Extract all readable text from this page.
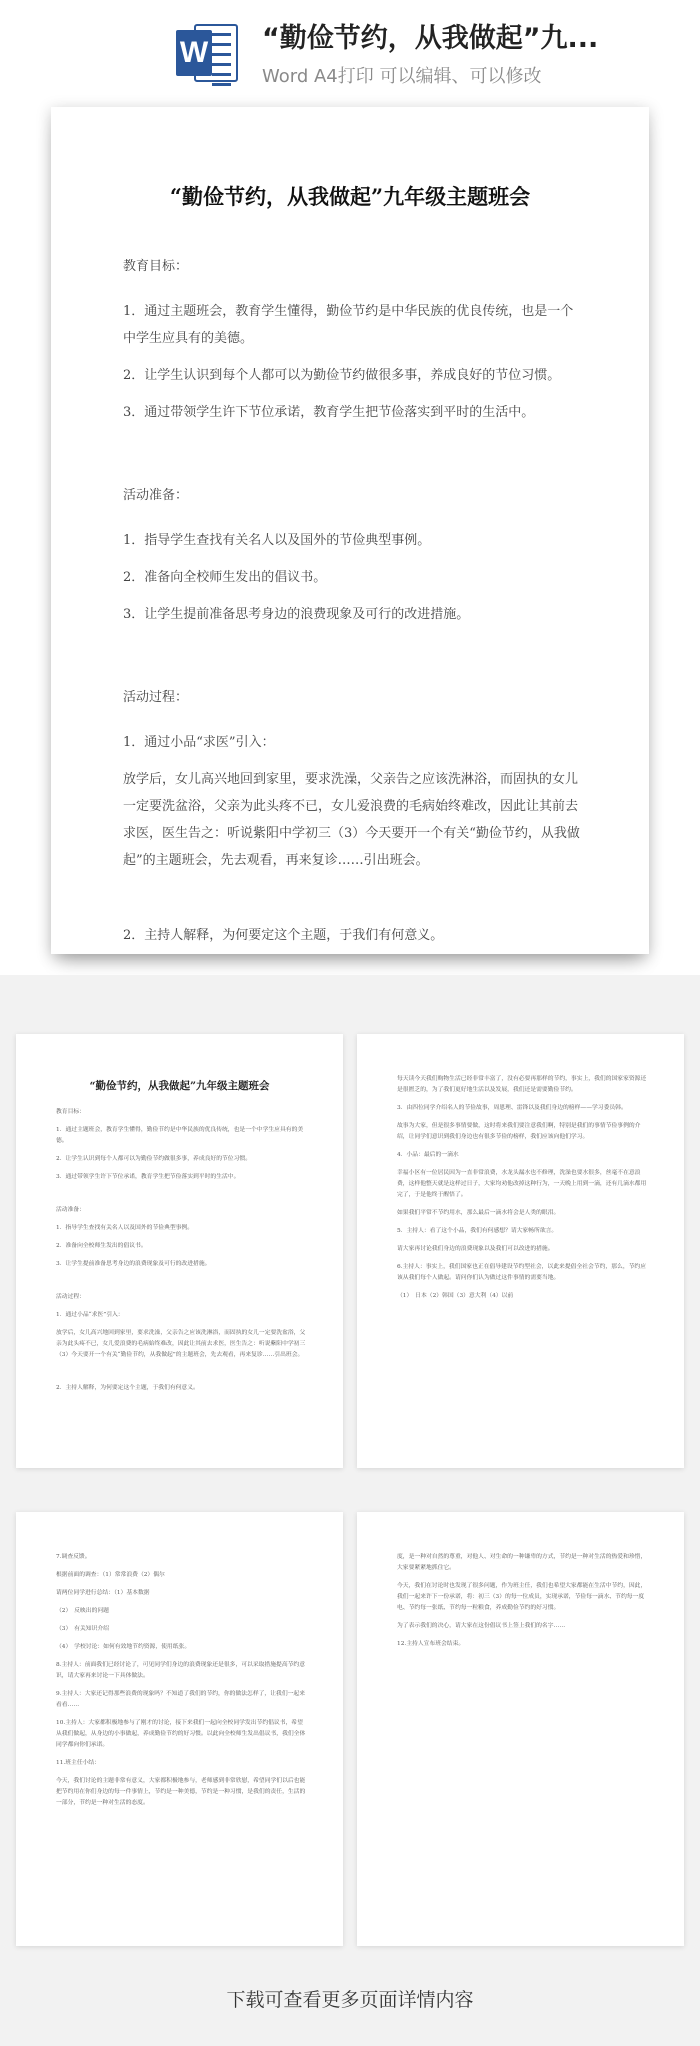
W “勤俭节约，从我做起”九...
Word A4打印 可以编辑、可以修改
“勤俭节约，从我做起”九年级主题班会

教育目标：

1．通过主题班会，教育学生懂得，勤俭节约是中华民族的优良传统，也是一个中学生应具有的美德。

2．让学生认识到每个人都可以为勤俭节约做很多事，养成良好的节位习惯。

3．通过带领学生许下节位承诺，教育学生把节俭落实到平时的生活中。

活动准备：

1．指导学生查找有关名人以及国外的节俭典型事例。

2．准备向全校师生发出的倡议书。

3．让学生提前准备思考身边的浪费现象及可行的改进措施。

活动过程：

1．通过小品“求医”引入：

放学后，女儿高兴地回到家里，要求洗澡，父亲告之应该洗淋浴，而固执的女儿一定要洗盆浴，父亲为此头疼不已，女儿爱浪费的毛病始终难改，因此让其前去求医，医生告之：听说紫阳中学初三（3）今天要开一个有关“勤俭节约，从我做起”的主题班会，先去观看，再来复诊……引出班会。

2．主持人解释，为何要定这个主题，于我们有何意义。

“勤俭节约，从我做起”九年级主题班会

教育目标：

1．通过主题班会，教育学生懂得，勤俭节约是中华民族的优良传统，也是一个中学生应具有的美德。

2．让学生认识到每个人都可以为勤俭节约做很多事，养成良好的节位习惯。

3．通过带领学生许下节位承诺，教育学生把节俭落实到平时的生活中。

活动准备：

1．指导学生查找有关名人以及国外的节俭典型事例。

2．准备向全校师生发出的倡议书。

3．让学生提前准备思考身边的浪费现象及可行的改进措施。

活动过程：

1．通过小品“求医”引入：

放学后，女儿高兴地回到家里，要求洗澡，父亲告之应该洗淋浴，而固执的女儿一定要洗盆浴，父亲为此头疼不已，女儿爱浪费的毛病始终难改，因此让其前去求医，医生告之：听说紫阳中学初三（3）今天要开一个有关“勤俭节约，从我做起”的主题班会，先去观看，再来复诊……引出班会。

2．主持人解释，为何要定这个主题，于我们有何意义。

每天读今天我们购物生活已经非常丰富了，没有必要再那样的节约，事实上，我们的国家家资源还是很匮乏的，为了我们更好地生活以及发展，我们还是需要勤俭节约。

3．由四位同学介绍名人的节俭故事，周恩理、雷锋以及我们身边的榜样——学习委员韩。

故事为大家，但是很多事情要做，这时将来我们要注意我们啊，特别是我们的事情节俭事例的介绍，让同学们意识到我们身边也有很多节俭的榜样，我们应该向他们学习。

4．小品：最后的一滴水

幸福小区有一位居民因为一直非常浪费，水龙头漏水也不修理，洗澡也要水很多，丝毫不在意浪费，这样他整天就是这样过日子，大家均劝他改掉这种行为，一天晚上用到一滴，还有几滴水都用完了，于是他终于醒悟了。

如果我们平常不节约用水，那么最后一滴水将会是人类的眼泪。

5．主持人：看了这个小品，我们有何感想？请大家畅所欲言。

请大家再讨论我们身边的浪费现象以及我们可以改进的措施。

6.主持人：事实上，我们国家也正在倡导建设节约型社会，以此来提倡全社会节约，那么，节约应该从我们每个人做起。请问你们认为做过这件事情的需要当地。

（1）　日本（2）韩国（3）意大利（4）以前

7.调查反馈。

根据前面的调查：（1）常常浪费（2）偶尔

请两位同学进行总结：（1）基本数据

（2）　反映出的问题

（3）　有关知识介绍

（4）　学校讨论：如何有效地节约资源，使用纸张。

8.主持人：前面我们已经讨论了，可见同学们身边的浪费现象还是很多，可以采取措施提高节约意识，请大家再来讨论一下具体做法。

9.主持人：大家还记得那些浪费的现象吗？不知道了我们的节约，你的做法怎样了，让我们一起来看看……

10.主持人：大家都积极地参与了刚才的讨论，接下来我们一起向全校同学发出节约倡议书，希望从我们做起，从身边的小事做起，养成勤俭节约的好习惯。以此向全校师生发出倡议书，我们全体同学都向你们承诺。

11.班主任小结：

今天，我们讨论的主题非常有意义，大家都积极地参与，老师感到非常欣慰，希望同学们以后也能把节约用在你们身边的每一件事情上，节约是一种美德，节约是一种习惯，是我们的责任，生活的一部分，节约是一种对生活的态度。

度，是一种对自然的尊重，对他人、对生命的一种谦卑的方式，节约是一种对生活的热爱和珍惜，大家要紧紧地抓住它。

今天，我们在讨论时也发现了很多问题，作为班主任，我们也希望大家都能在生活中节约，因此，我们一起来许下一份承诺，将：初三（3）的每一位成员，实现承诺，节俭每一滴水、节约每一度电、节约每一张纸、节约每一粒粮食，养成勤俭节约的好习惯。

为了表示我们的决心，请大家在这份倡议书上签上我们的名字……

12.主持人宣布班会结束。

下载可查看更多页面详情内容
